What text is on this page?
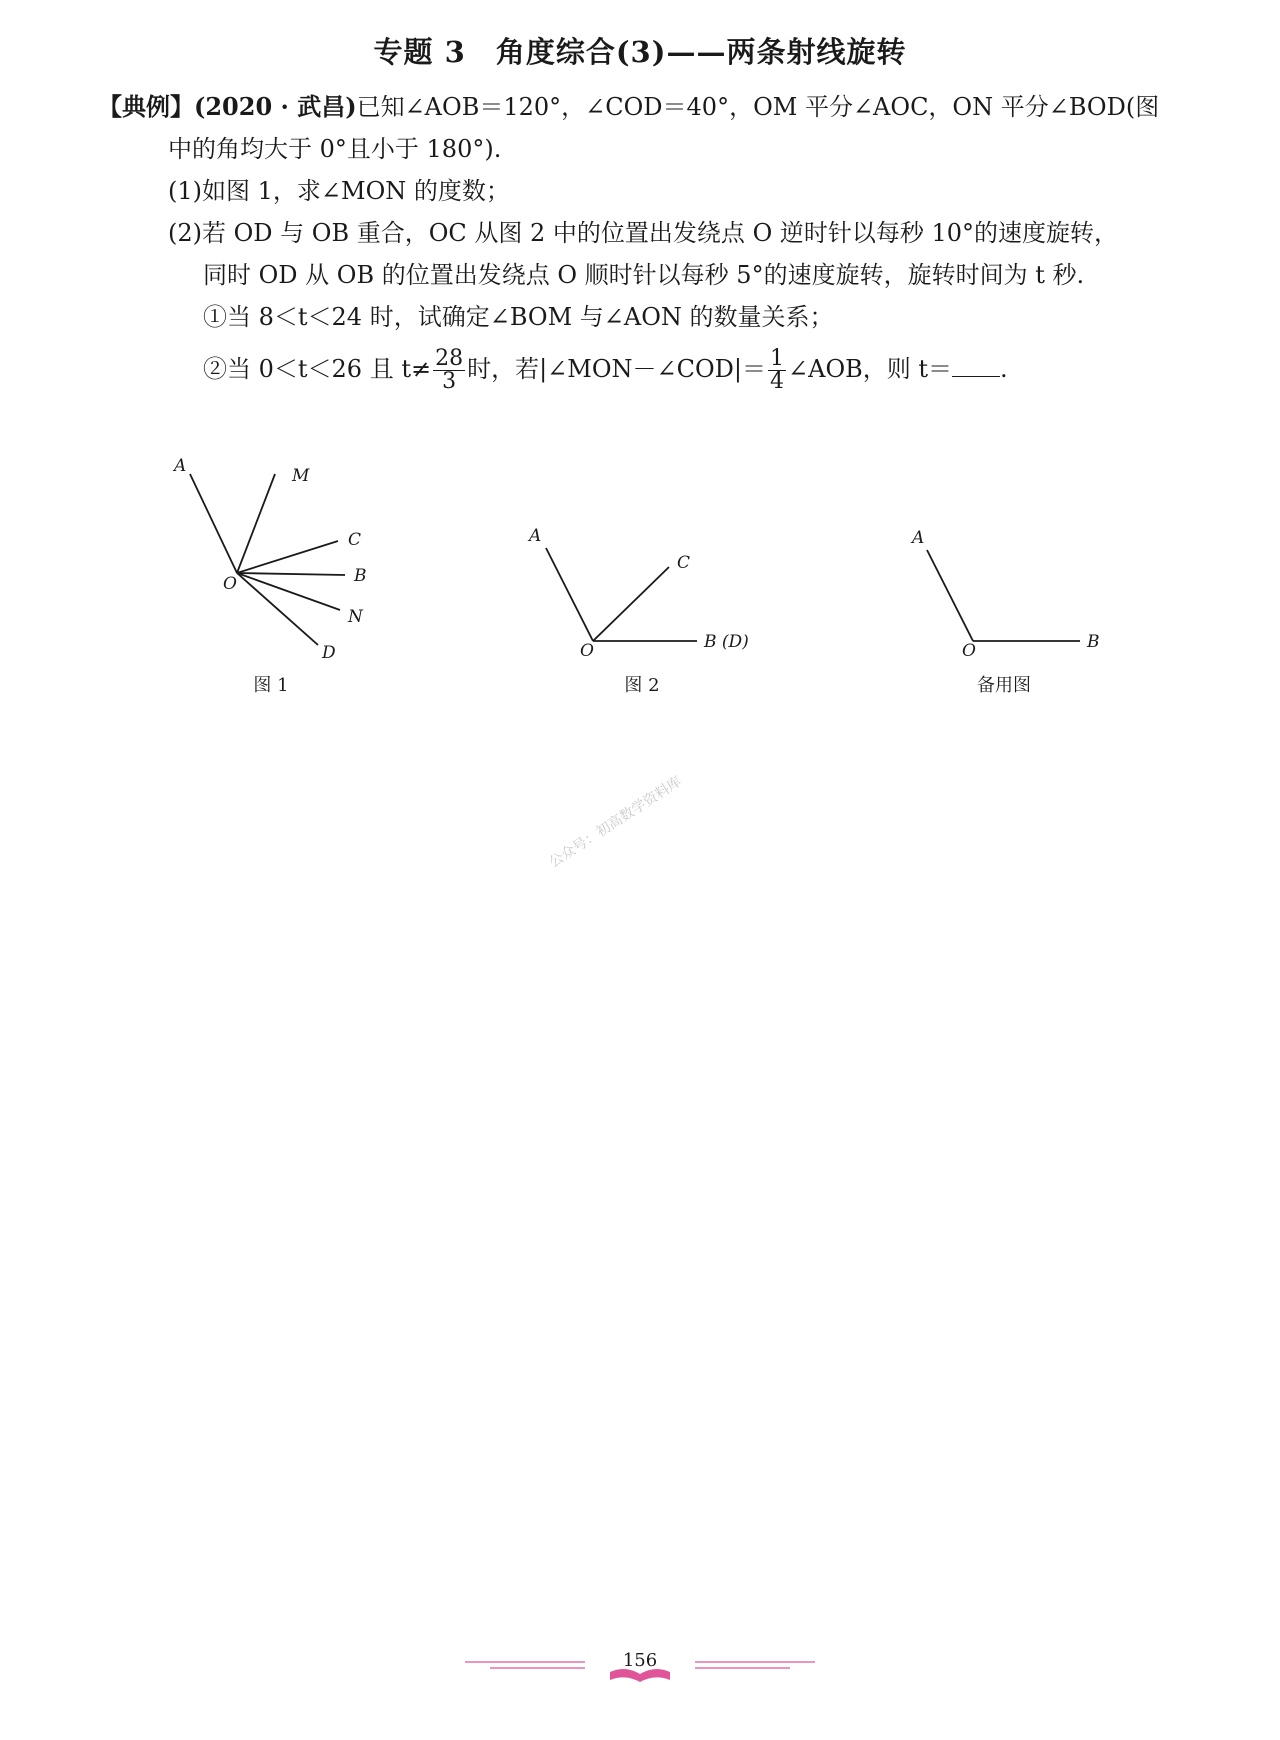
专题 3　角度综合(3)——两条射线旋转
【典例】(2020 · 武昌)已知∠AOB＝120°，∠COD＝40°，OM 平分∠AOC，ON 平分∠BOD(图
中的角均大于 0°且小于 180°).
(1)如图 1，求∠MON 的度数；
(2)若 OD 与 OB 重合，OC 从图 2 中的位置出发绕点 O 逆时针以每秒 10°的速度旋转，
同时 OD 从 OB 的位置出发绕点 O 顺时针以每秒 5°的速度旋转，旋转时间为 t 秒.
①当 8＜t＜24 时，试确定∠BOM 与∠AON 的数量关系；
②当 0＜t＜26 且 $t\ne \frac{28}{3}$ 时，若|∠MON－∠COD|＝ $\frac{1}{4}$ ∠AOB，则 t＝ .
A	M
C
B
N
D
O
图 1
A
C
B (D)
O
图 2
A
B
O
备用图
公众号：初高数学资料库
156
